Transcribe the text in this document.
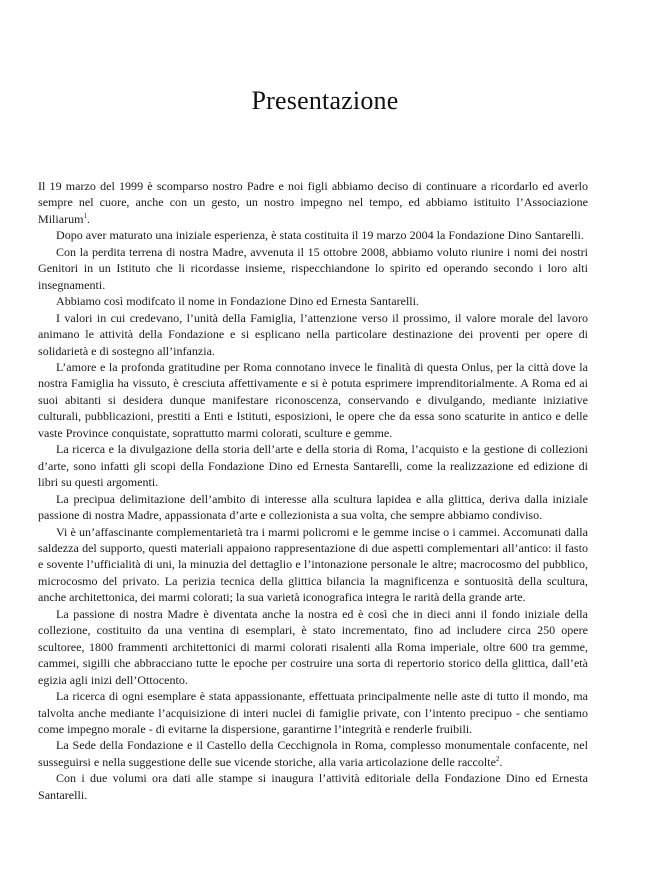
Presentazione

Il 19 marzo del 1999 è scomparso nostro Padre e noi figli abbiamo deciso di continuare a ricordarlo ed averlo sempre nel cuore, anche con un gesto, un nostro impegno nel tempo, ed abbiamo istituito l’Associazione Miliarum$^1$.

Dopo aver maturato una iniziale esperienza, è stata costituita il 19 marzo 2004 la Fondazione Dino Santarelli.

Con la perdita terrena di nostra Madre, avvenuta il 15 ottobre 2008, abbiamo voluto riunire i nomi dei nostri Genitori in un Istituto che li ricordasse insieme, rispecchiandone lo spirito ed operando secondo i loro alti insegnamenti.

Abbiamo così modifcato il nome in Fondazione Dino ed Ernesta Santarelli.

I valori in cui credevano, l’unità della Famiglia, l’attenzione verso il prossimo, il valore morale del lavoro animano le attività della Fondazione e si esplicano nella particolare destinazione dei proventi per opere di solidarietà e di sostegno all’infanzia.

L’amore e la profonda gratitudine per Roma connotano invece le finalità di questa Onlus, per la città dove la nostra Famiglia ha vissuto, è cresciuta affettivamente e si è potuta esprimere imprenditorialmente. A Roma ed ai suoi abitanti si desidera dunque manifestare riconoscenza, conservando e divulgando, mediante iniziative culturali, pubblicazioni, prestiti a Enti e Istituti, esposizioni, le opere che da essa sono scaturite in antico e delle vaste Province conquistate, soprattutto marmi colorati, sculture e gemme.

La ricerca e la divulgazione della storia dell’arte e della storia di Roma, l’acquisto e la gestione di collezioni d’arte, sono infatti gli scopi della Fondazione Dino ed Ernesta Santarelli, come la realizzazione ed edizione di libri su questi argomenti.

La precipua delimitazione dell’ambito di interesse alla scultura lapidea e alla glittica, deriva dalla iniziale passione di nostra Madre, appassionata d’arte e collezionista a sua volta, che sempre abbiamo condiviso.

Vi è un’affascinante complementarietà tra i marmi policromi e le gemme incise o i cammei. Accomunati dalla saldezza del supporto, questi materiali appaiono rappresentazione di due aspetti complementari all’antico: il fasto e sovente l’ufficialità di uni, la minuzia del dettaglio e l’intonazione personale le altre; macrocosmo del pubblico, microcosmo del privato. La perizia tecnica della glittica bilancia la magnificenza e sontuosità della scultura, anche architettonica, dei marmi colorati; la sua varietà iconografica integra le rarità della grande arte.

La passione di nostra Madre è diventata anche la nostra ed è così che in dieci anni il fondo iniziale della collezione, costituito da una ventina di esemplari, è stato incrementato, fino ad includere circa 250 opere scultoree, 1800 frammenti architettonici di marmi colorati risalenti alla Roma imperiale, oltre 600 tra gemme, cammei, sigilli che abbracciano tutte le epoche per costruire una sorta di repertorio storico della glittica, dall’età egizia agli inizi dell’Ottocento.

La ricerca di ogni esemplare è stata appassionante, effettuata principalmente nelle aste di tutto il mondo, ma talvolta anche mediante l’acquisizione di interi nuclei di famiglie private, con l’intento precipuo - che sentiamo come impegno morale - di evitarne la dispersione, garantirne l’integrità e renderle fruibili.

La Sede della Fondazione e il Castello della Cecchignola in Roma, complesso monumentale confacente, nel susseguirsi e nella suggestione delle sue vicende storiche, alla varia articolazione delle raccolte$^2$.

Con i due volumi ora dati alle stampe si inaugura l’attività editoriale della Fondazione Dino ed Ernesta Santarelli.
